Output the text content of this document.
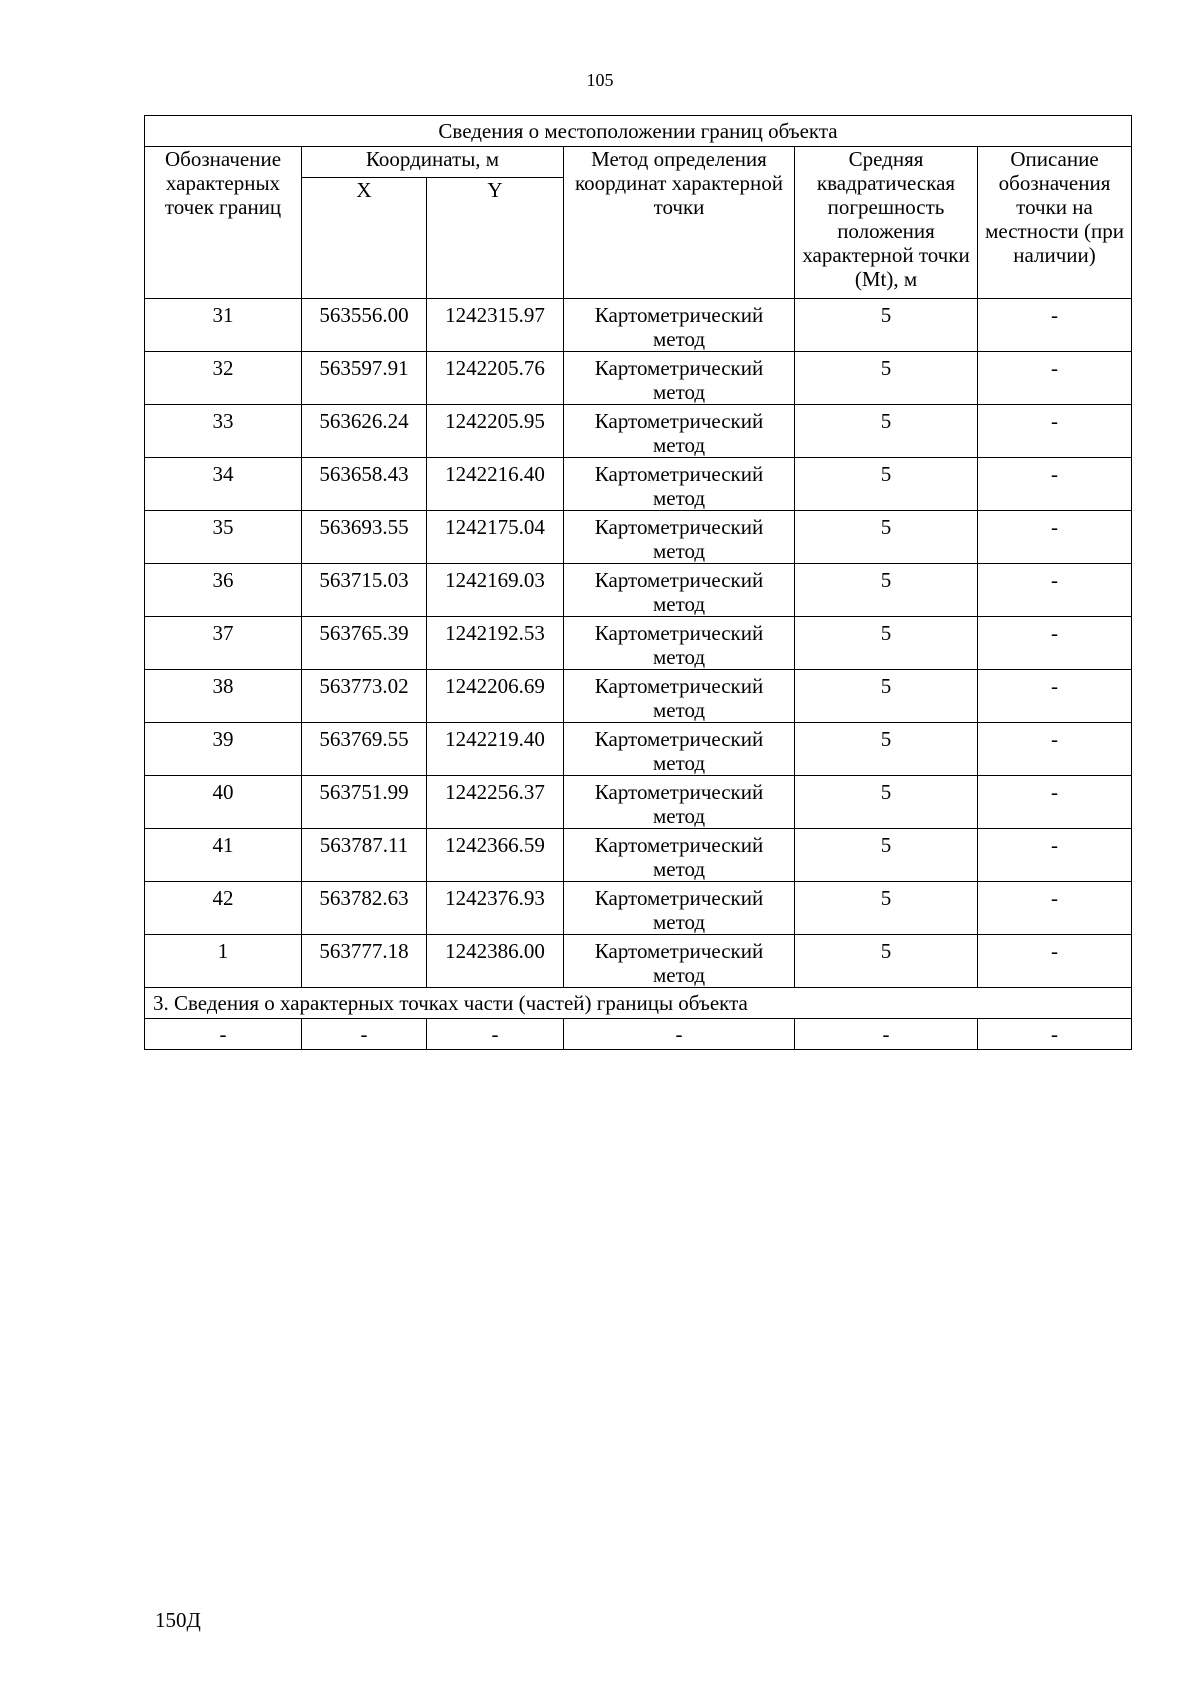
105
Сведения о местоположении границ объекта					
Обозначение характерных точек границ	Координаты, м		Метод определения координат характерной точки	Средняя квадратическая погрешность положения характерной точки (Mt), м	Описание обозначения точки на местности (при наличии)
	X	Y			
31	563556.00	1242315.97	Картометрический метод	5	-
32	563597.91	1242205.76	Картометрический метод	5	-
33	563626.24	1242205.95	Картометрический метод	5	-
34	563658.43	1242216.40	Картометрический метод	5	-
35	563693.55	1242175.04	Картометрический метод	5	-
36	563715.03	1242169.03	Картометрический метод	5	-
37	563765.39	1242192.53	Картометрический метод	5	-
38	563773.02	1242206.69	Картометрический метод	5	-
39	563769.55	1242219.40	Картометрический метод	5	-
40	563751.99	1242256.37	Картометрический метод	5	-
41	563787.11	1242366.59	Картометрический метод	5	-
42	563782.63	1242376.93	Картометрический метод	5	-
1	563777.18	1242386.00	Картометрический метод	5	-
3. Сведения о характерных точках части (частей) границы объекта					
-	-	-	-	-	-
150Д
